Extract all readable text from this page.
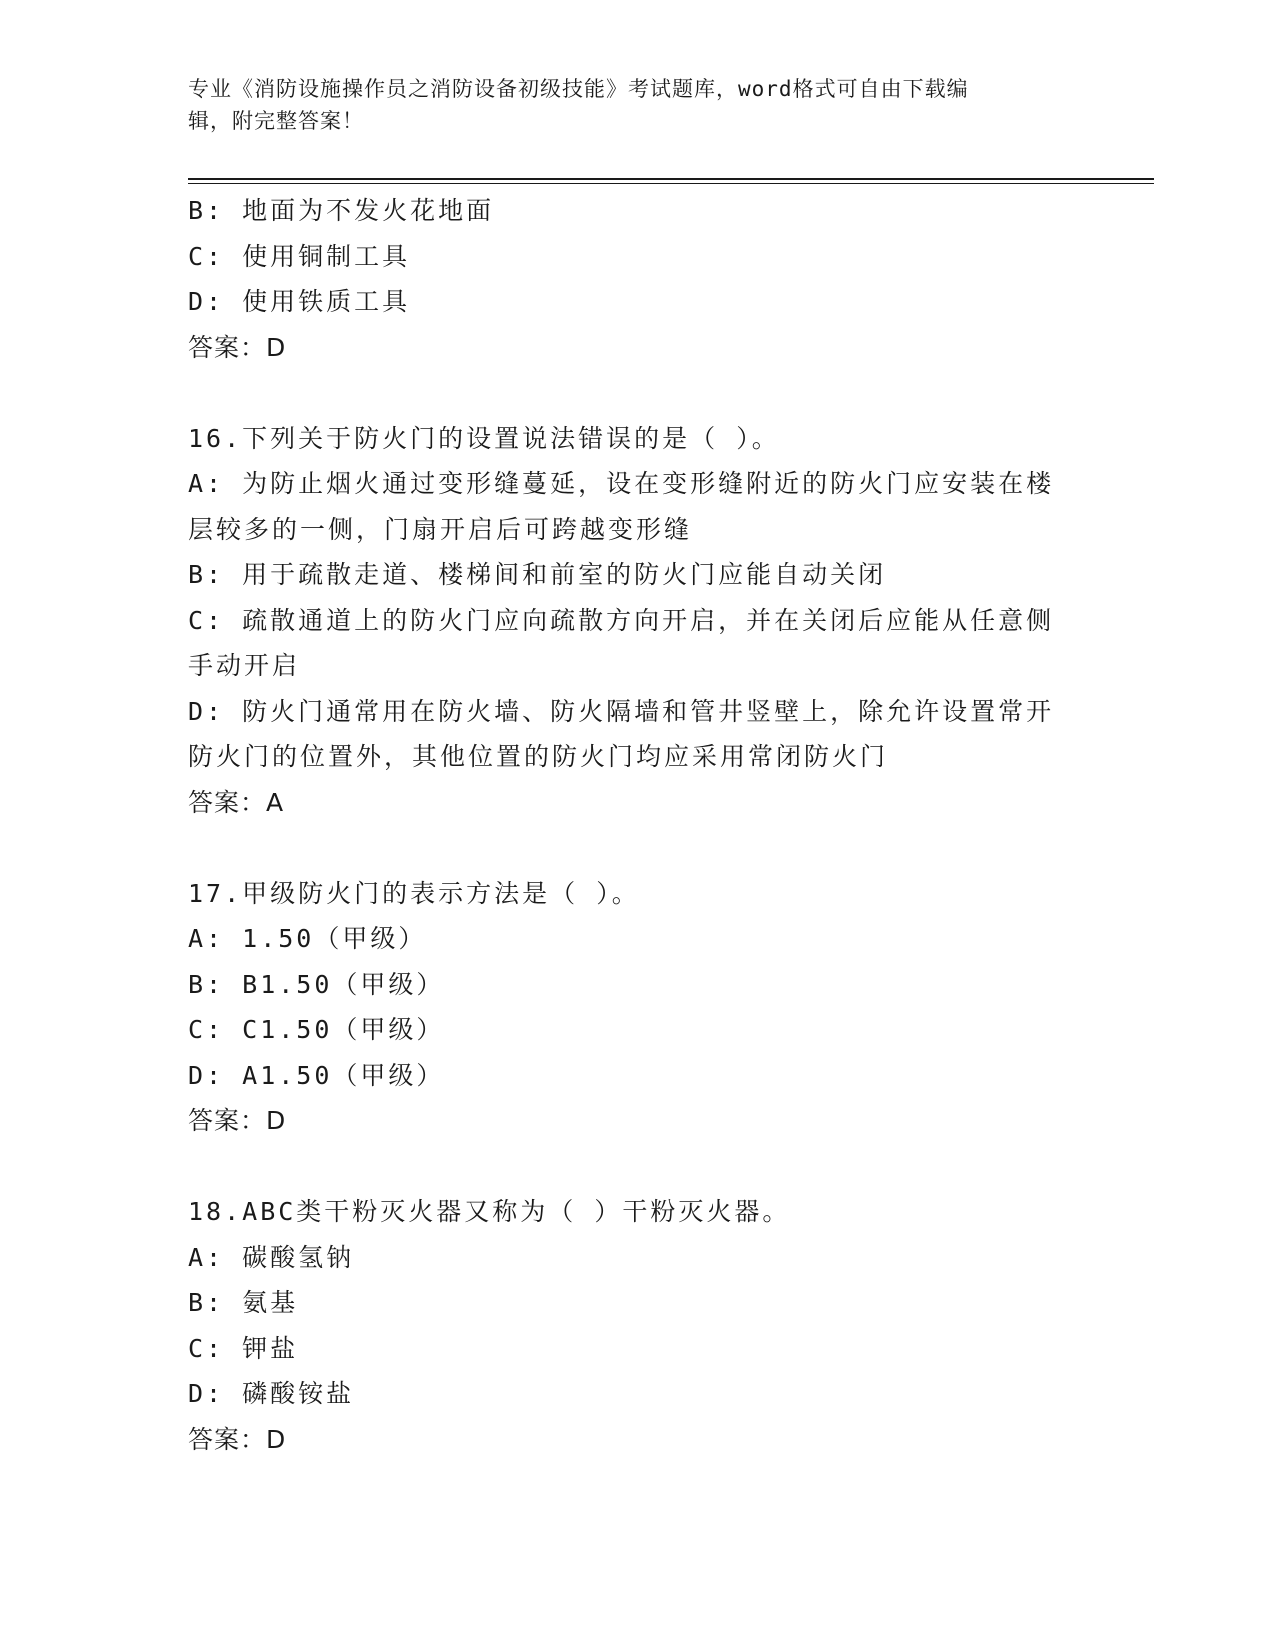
专业《消防设施操作员之消防设备初级技能》考试题库，word格式可自由下载编
辑，附完整答案！
B: 地面为不发火花地面
C: 使用铜制工具
D: 使用铁质工具
答案：D
16.下列关于防火门的设置说法错误的是（ ）。
A: 为防止烟火通过变形缝蔓延，设在变形缝附近的防火门应安装在楼
层较多的一侧，门扇开启后可跨越变形缝
B: 用于疏散走道、楼梯间和前室的防火门应能自动关闭
C: 疏散通道上的防火门应向疏散方向开启，并在关闭后应能从任意侧
手动开启
D: 防火门通常用在防火墙、防火隔墙和管井竖壁上，除允许设置常开
防火门的位置外，其他位置的防火门均应采用常闭防火门
答案：A
17.甲级防火门的表示方法是（ ）。
A: 1.50（甲级）
B: B1.50（甲级）
C: C1.50（甲级）
D: A1.50（甲级）
答案：D
18.ABC类干粉灭火器又称为（ ）干粉灭火器。
A: 碳酸氢钠
B: 氨基
C: 钾盐
D: 磷酸铵盐
答案：D
